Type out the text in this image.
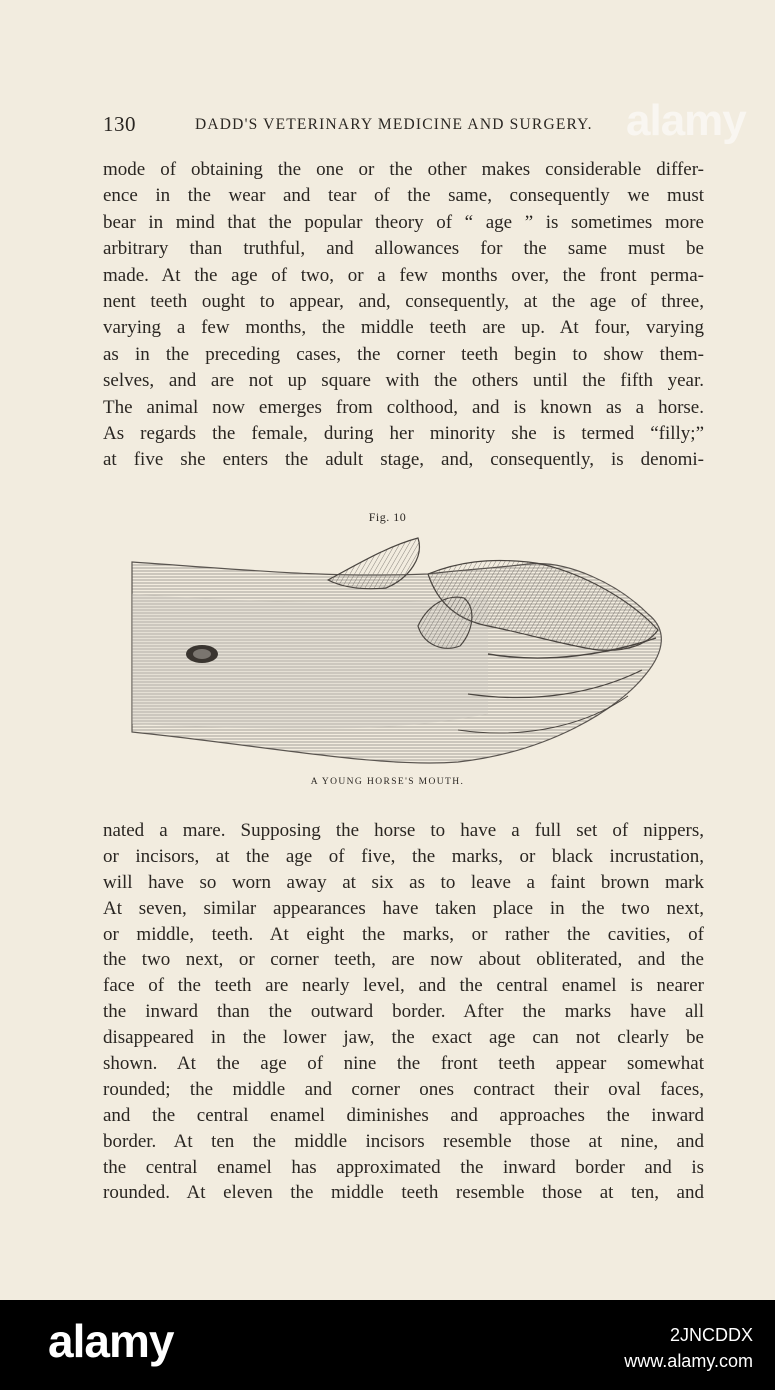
130	DADD'S VETERINARY MEDICINE AND SURGERY.
mode of obtaining the one or the other makes considerable differ-
ence in the wear and tear of the same, consequently we must
bear in mind that the popular theory of “ age ” is sometimes more
arbitrary than truthful, and allowances for the same must be
made. At the age of two, or a few months over, the front perma-
nent teeth ought to appear, and, consequently, at the age of three,
varying a few months, the middle teeth are up. At four, varying
as in the preceding cases, the corner teeth begin to show them-
selves, and are not up square with the others until the fifth year.
The animal now emerges from colthood, and is known as a horse.
As regards the female, during her minority she is termed “filly;”
at five she enters the adult stage, and, consequently, is denomi-
Fig. 10
A YOUNG HORSE'S MOUTH.
nated a mare. Supposing the horse to have a full set of nippers,
or incisors, at the age of five, the marks, or black incrustation,
will have so worn away at six as to leave a faint brown mark
At seven, similar appearances have taken place in the two next,
or middle, teeth. At eight the marks, or rather the cavities, of
the two next, or corner teeth, are now about obliterated, and the
face of the teeth are nearly level, and the central enamel is nearer
the inward than the outward border. After the marks have all
disappeared in the lower jaw, the exact age can not clearly be
shown. At the age of nine the front teeth appear somewhat
rounded; the middle and corner ones contract their oval faces,
and the central enamel diminishes and approaches the inward
border. At ten the middle incisors resemble those at nine, and
the central enamel has approximated the inward border and is
rounded. At eleven the middle teeth resemble those at ten, and
alamy
alamy	2JNCDDX
www.alamy.com
